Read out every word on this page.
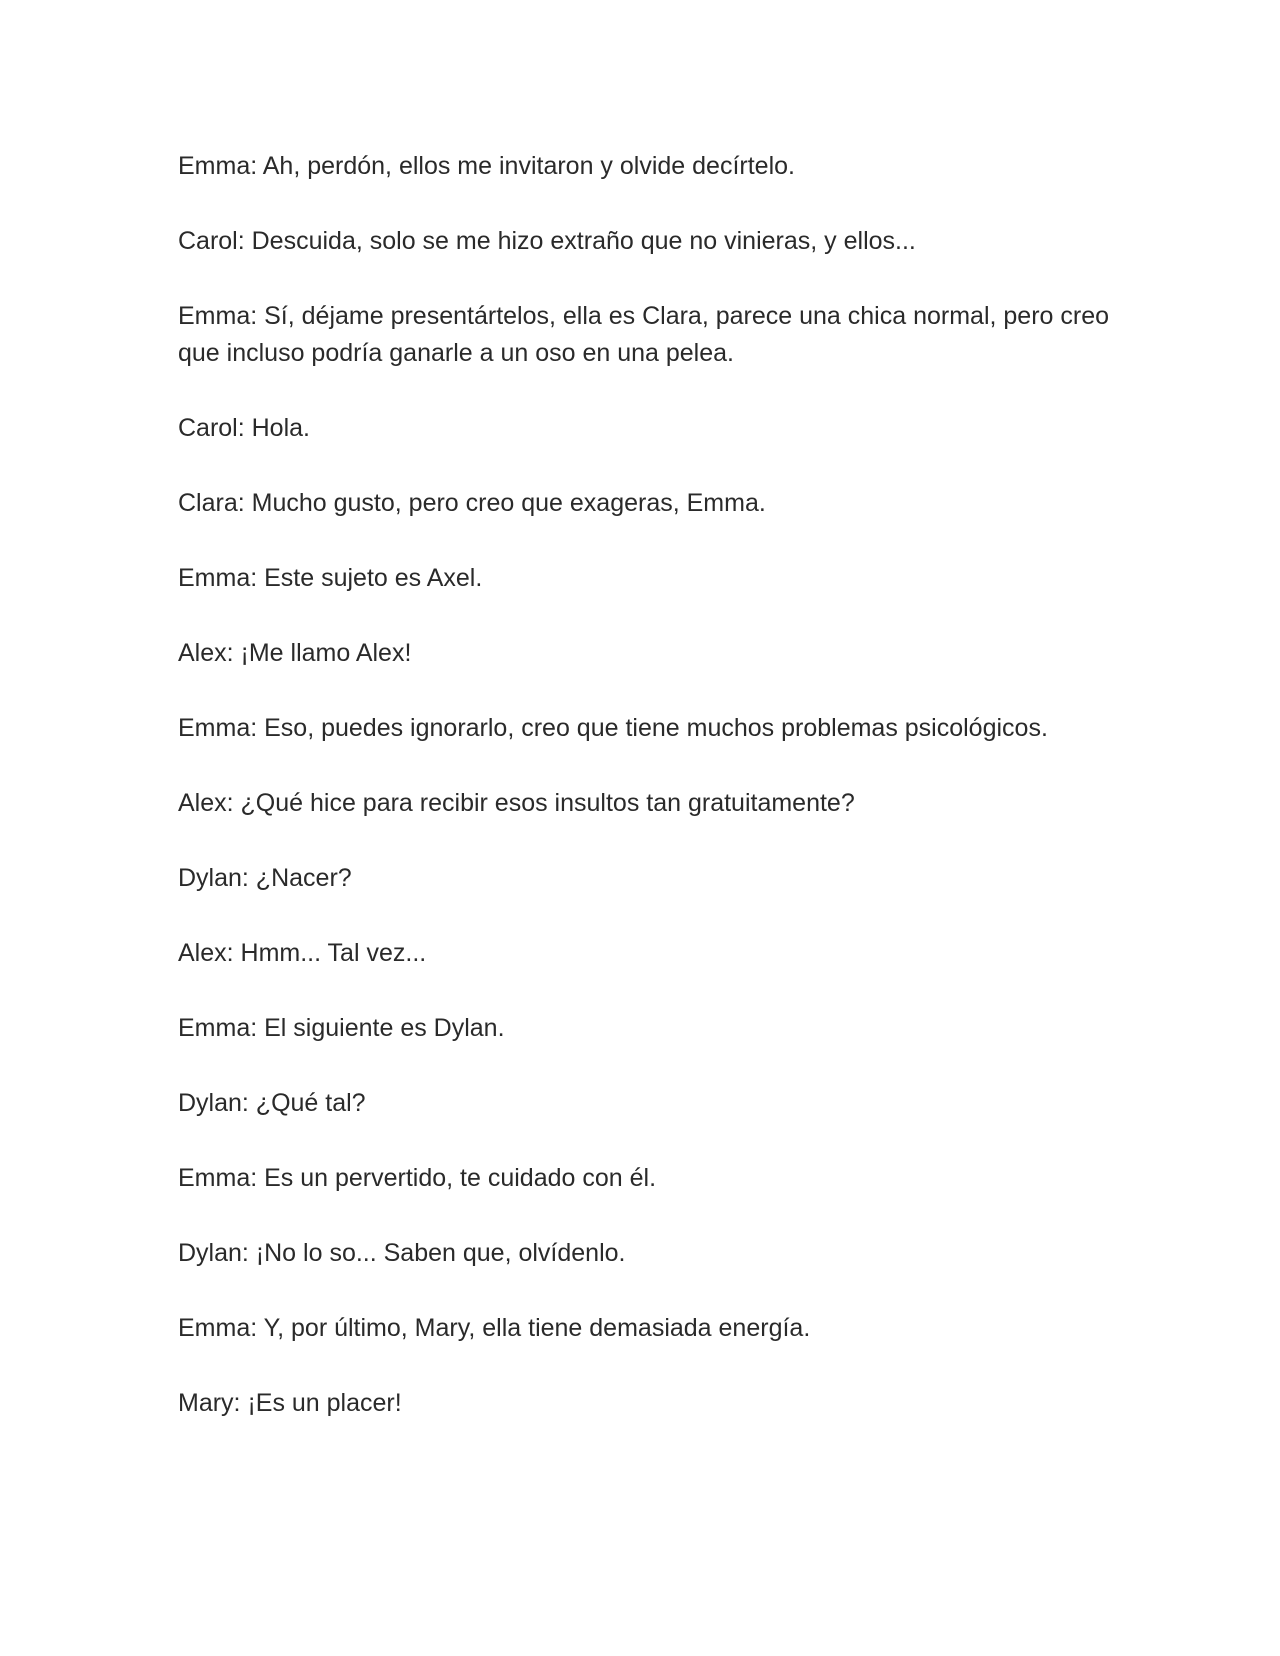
Emma: Ah, perdón, ellos me invitaron y olvide decírtelo.

Carol: Descuida, solo se me hizo extraño que no vinieras, y ellos...

Emma: Sí, déjame presentártelos, ella es Clara, parece una chica normal, pero creo que incluso podría ganarle a un oso en una pelea.

Carol: Hola.

Clara: Mucho gusto, pero creo que exageras, Emma.

Emma: Este sujeto es Axel.

Alex: ¡Me llamo Alex!

Emma: Eso, puedes ignorarlo, creo que tiene muchos problemas psicológicos.

Alex: ¿Qué hice para recibir esos insultos tan gratuitamente?

Dylan: ¿Nacer?

Alex: Hmm... Tal vez...

Emma: El siguiente es Dylan.

Dylan: ¿Qué tal?

Emma: Es un pervertido, te cuidado con él.

Dylan: ¡No lo so... Saben que, olvídenlo.

Emma: Y, por último, Mary, ella tiene demasiada energía.

Mary: ¡Es un placer!
